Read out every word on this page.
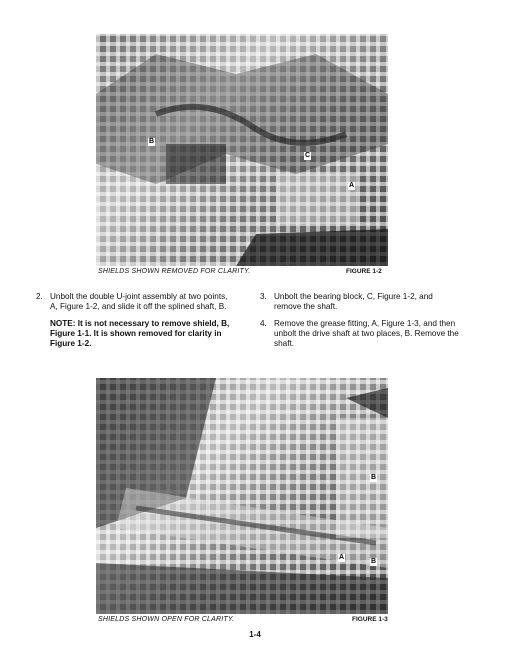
B
C
A
SHIELDS SHOWN REMOVED FOR CLARITY.	FIGURE 1-2

2. Unbolt the double U-joint assembly at two points, A, Figure 1-2, and slide it off the splined shaft, B.

NOTE: It is not necessary to remove shield, B, Figure 1-1. It is shown removed for clarity in Figure 1-2.

3. Unbolt the bearing block, C, Figure 1-2, and remove the shaft.

4. Remove the grease fitting, A, Figure 1-3, and then unbolt the drive shaft at two places, B. Remove the shaft.

B
A
B
SHIELDS SHOWN OPEN FOR CLARITY.	FIGURE 1-3
1-4
